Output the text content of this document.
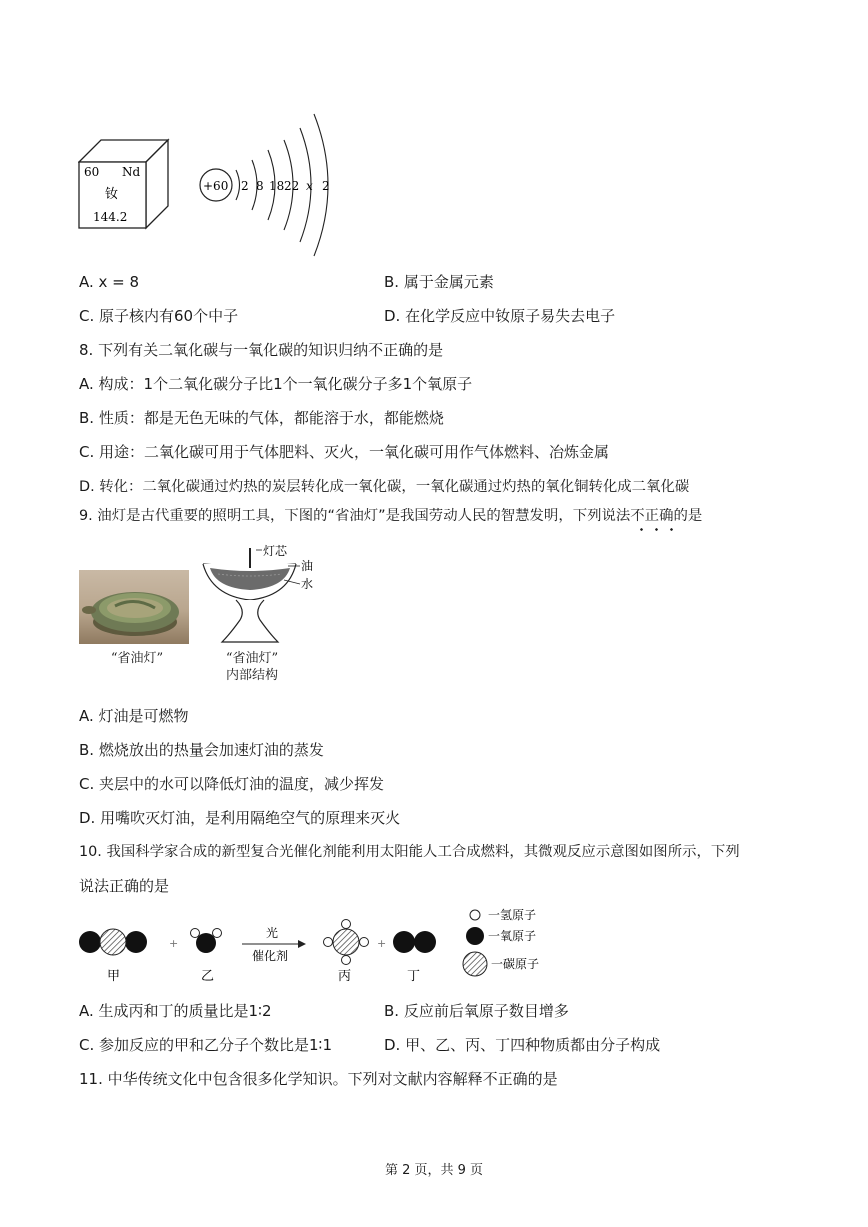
60 Nd
钕
144.2
+60 2 8 18 22 x 2
A. x = 8	B. 属于金属元素
C. 原子核内有60个中子	D. 在化学反应中钕原子易失去电子
8. 下列有关二氧化碳与一氧化碳的知识归纳不正确的是
A. 构成：1个二氧化碳分子比1个一氧化碳分子多1个氧原子
B. 性质：都是无色无味的气体，都能溶于水，都能燃烧
C. 用途：二氧化碳可用于气体肥料、灭火，一氧化碳可用作气体燃料、冶炼金属
D. 转化：二氧化碳通过灼热的炭层转化成一氧化碳，一氧化碳通过灼热的氧化铜转化成二氧化碳
9. 油灯是古代重要的照明工具，下图的“省油灯”是我国劳动人民的智慧发明，下列说法不正确的是
“省油灯”
灯芯
油
水
“省油灯”
内部结构
A. 灯油是可燃物
B. 燃烧放出的热量会加速灯油的蒸发
C. 夹层中的水可以降低灯油的温度，减少挥发
D. 用嘴吹灭灯油，是利用隔绝空气的原理来灭火
10. 我国科学家合成的新型复合光催化剂能利用太阳能人工合成燃料，其微观反应示意图如图所示，下列
说法正确的是
甲
+
乙
光
催化剂
丙
+
丁
一氢原子
一氧原子
一碳原子
A. 生成丙和丁的质量比是1∶2	B. 反应前后氧原子数目增多
C. 参加反应的甲和乙分子个数比是1∶1	D. 甲、乙、丙、丁四种物质都由分子构成
11. 中华传统文化中包含很多化学知识。下列对文献内容解释不正确的是
第 2 页，共 9 页
